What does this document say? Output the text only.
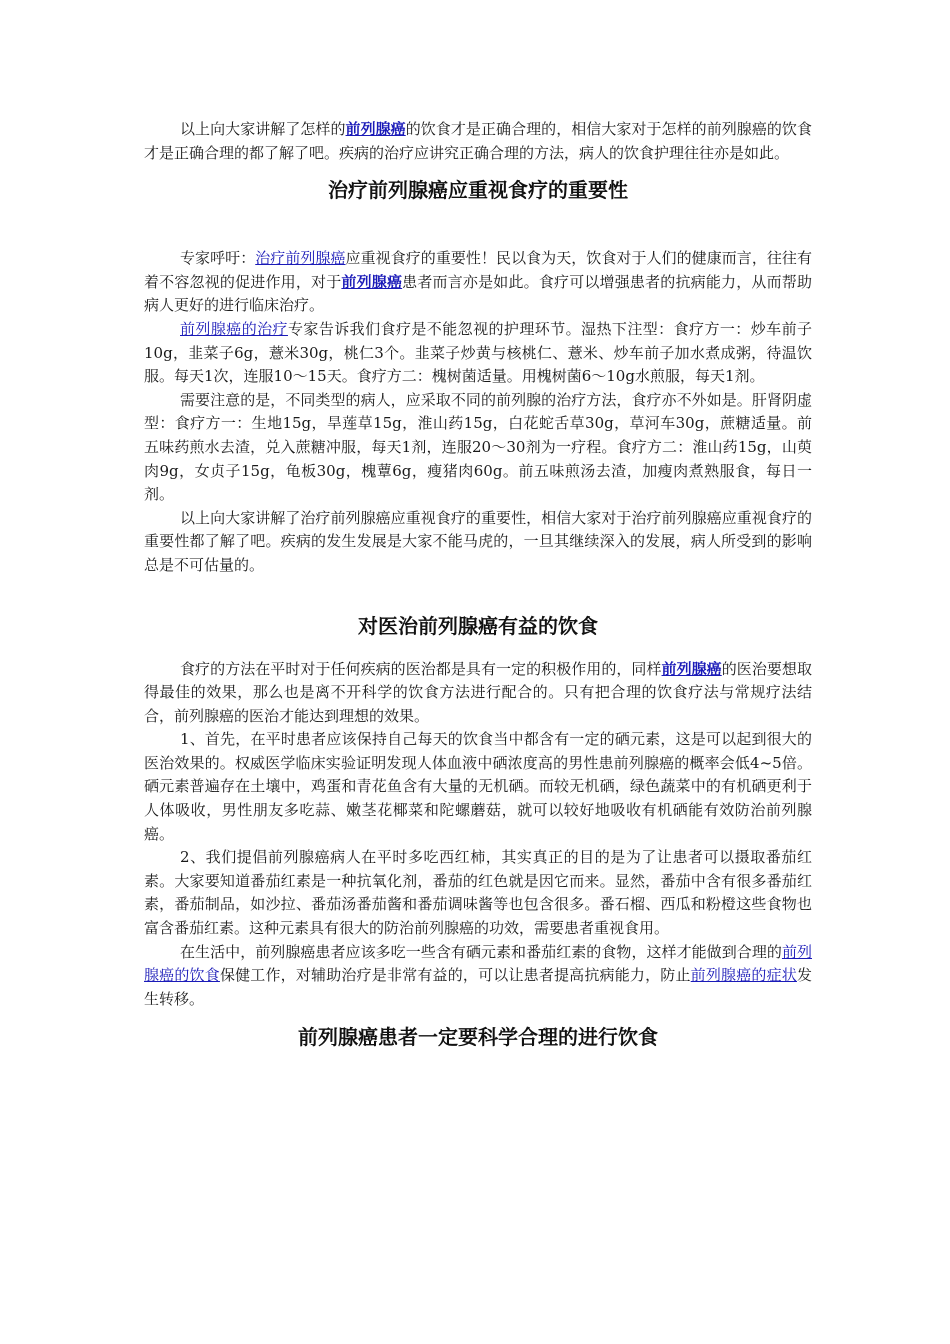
以上向大家讲解了怎样的前列腺癌的饮食才是正确合理的，相信大家对于怎样的前列腺癌的饮食才是正确合理的都了解了吧。疾病的治疗应讲究正确合理的方法，病人的饮食护理往往亦是如此。

治疗前列腺癌应重视食疗的重要性

专家呼吁：治疗前列腺癌应重视食疗的重要性！民以食为天，饮食对于人们的健康而言，往往有着不容忽视的促进作用，对于前列腺癌患者而言亦是如此。食疗可以增强患者的抗病能力，从而帮助病人更好的进行临床治疗。

前列腺癌的治疗专家告诉我们食疗是不能忽视的护理环节。湿热下注型：食疗方一：炒车前子10g，韭菜子6g，薏米30g，桃仁3个。韭菜子炒黄与核桃仁、薏米、炒车前子加水煮成粥，待温饮服。每天1次，连服10～15天。食疗方二：槐树菌适量。用槐树菌6～10g水煎服，每天1剂。

需要注意的是，不同类型的病人，应采取不同的前列腺的治疗方法，食疗亦不外如是。肝肾阴虚型：食疗方一：生地15g，旱莲草15g，淮山药15g，白花蛇舌草30g，草河车30g，蔗糖适量。前五味药煎水去渣，兑入蔗糖冲服，每天1剂，连服20～30剂为一疗程。食疗方二：淮山药15g，山萸肉9g，女贞子15g，龟板30g，槐蕈6g，瘦猪肉60g。前五味煎汤去渣，加瘦肉煮熟服食，每日一剂。

以上向大家讲解了治疗前列腺癌应重视食疗的重要性，相信大家对于治疗前列腺癌应重视食疗的重要性都了解了吧。疾病的发生发展是大家不能马虎的，一旦其继续深入的发展，病人所受到的影响总是不可估量的。

对医治前列腺癌有益的饮食

食疗的方法在平时对于任何疾病的医治都是具有一定的积极作用的，同样前列腺癌的医治要想取得最佳的效果，那么也是离不开科学的饮食方法进行配合的。只有把合理的饮食疗法与常规疗法结合，前列腺癌的医治才能达到理想的效果。

1、首先，在平时患者应该保持自己每天的饮食当中都含有一定的硒元素，这是可以起到很大的医治效果的。权威医学临床实验证明发现人体血液中硒浓度高的男性患前列腺癌的概率会低4~5倍。硒元素普遍存在土壤中，鸡蛋和青花鱼含有大量的无机硒。而较无机硒，绿色蔬菜中的有机硒更利于人体吸收，男性朋友多吃蒜、嫩茎花椰菜和陀螺蘑菇，就可以较好地吸收有机硒能有效防治前列腺癌。

2、我们提倡前列腺癌病人在平时多吃西红柿，其实真正的目的是为了让患者可以摄取番茄红素。大家要知道番茄红素是一种抗氧化剂，番茄的红色就是因它而来。显然，番茄中含有很多番茄红素，番茄制品，如沙拉、番茄汤番茄酱和番茄调味酱等也包含很多。番石榴、西瓜和粉橙这些食物也富含番茄红素。这种元素具有很大的防治前列腺癌的功效，需要患者重视食用。

在生活中，前列腺癌患者应该多吃一些含有硒元素和番茄红素的食物，这样才能做到合理的前列腺癌的饮食保健工作，对辅助治疗是非常有益的，可以让患者提高抗病能力，防止前列腺癌的症状发生转移。

前列腺癌患者一定要科学合理的进行饮食
